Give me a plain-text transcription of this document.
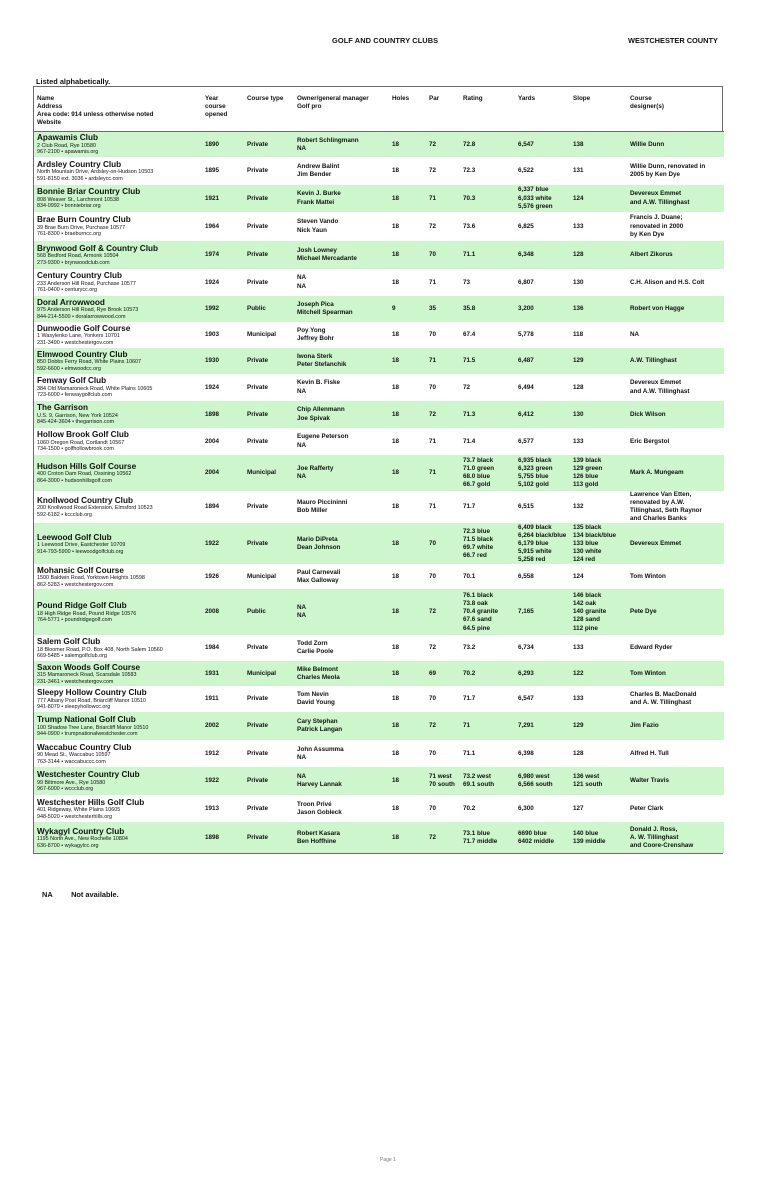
GOLF AND COUNTRY CLUBS	WESTCHESTER COUNTY
Listed alphabetically.
Name
Address
Area code: 914 unless otherwise noted
Website	Year
course
opened	Course type	Owner/general manager
Golf pro	Holes	Par	Rating	Yards	Slope	Course
designer(s)

Apawamis Club
2 Club Road, Rye 10580
967-2100 • apawamis.org	1890	Private	Robert Schlingmann
NA	18	72	72.8	6,547	138	Willie Dunn

Ardsley Country Club
North Mountain Drive, Ardsley-on-Hudson 10503
591-8150 ext. 3036 • ardsleycc.com	1895	Private	Andrew Balint
Jim Bender	18	72	72.3	6,522	131	Willie Dunn, renovated in
2005 by Ken Dye

Bonnie Briar Country Club
808 Weaver St., Larchmont 10538
834-0992 • bonniebriar.org	1921	Private	Kevin J. Burke
Frank Mattei	18	71	70.3	6,337 blue
6,033 white
5,576 green	124	Devereux Emmet
and A.W. Tillinghast

Brae Burn Country Club
39 Brae Burn Drive, Purchase 10577
761-8300 • braeburncc.org	1964	Private	Steven Vando
Nick Yaun	18	72	73.6	6,825	133	Francis J. Duane;
renovated in 2000
by Ken Dye

Brynwood Golf & Country Club
568 Bedford Road, Armonk 10504
273-9300 • brynwoodclub.com	1974	Private	Josh Lowney
Michael Mercadante	18	70	71.1	6,348	128	Albert Zikorus

Century Country Club
233 Anderson Hill Road, Purchase 10577
761-0400 • centurycc.org	1924	Private	NA
NA	18	71	73	6,807	130	C.H. Alison and H.S. Colt

Doral Arrowwood
975 Anderson Hill Road, Rye Brook 10573
844-214-5500 • doralarrowwood.com	1992	Public	Joseph Pica
Mitchell Spearman	9	35	35.8	3,200	136	Robert von Hagge

Dunwoodie Golf Course
1 Wasylenko Lane, Yonkers 10701
231-3490 • westchestergov.com	1903	Municipal	Poy Yong
Jeffrey Bohr	18	70	67.4	5,778	118	NA

Elmwood Country Club
850 Dobbs Ferry Road, White Plains 10607
592-6600 • elmwoodcc.org	1930	Private	Iwona Sterk
Peter Stefanchik	18	71	71.5	6,487	129	A.W. Tillinghast

Fenway Golf Club
384 Old Mamaroneck Road, White Plains 10605
723-6000 • fenwaygolfclub.com	1924	Private	Kevin B. Fiske
NA	18	70	72	6,494	128	Devereux Emmet
and A.W. Tillinghast

The Garrison
U.S. 9, Garrison, New York 10524
845-424-3604 • thegarrison.com	1898	Private	Chip Allenmann
Joe Spivak	18	72	71.3	6,412	130	Dick Wilson

Hollow Brook Golf Club
1060 Oregon Road, Cortlandt 10567
734-1500 • golfhollowbrook.com	2004	Private	Eugene Peterson
NA	18	71	71.4	6,577	133	Eric Bergstol

Hudson Hills Golf Course
400 Croton Dam Road, Ossining 10562
864-3000 • hudsonhillsgolf.com	2004	Municipal	Joe Rafferty
NA	18	71	73.7 black
71.0 green
68.0 blue
66.7 gold	6,935 black
6,323 green
5,755 blue
5,102 gold	139 black
129 green
126 blue
113 gold	Mark A. Mungeam

Knollwood Country Club
200 Knollwood Road Extension, Elmsford 10523
592-6182 • kccclub.org	1894	Private	Mauro Piccininni
Bob Miller	18	71	71.7	6,515	132	Lawrence Van Etten,
renovated by A.W.
Tillinghast, Seth Raynor
and Charles Banks

Leewood Golf Club
1 Leewood Drive, Eastchester 10709
914-793-5900 • leewoodgolfclub.org	1922	Private	Mario DiPreta
Dean Johnson	18	70	72.3 blue
71.5 black
69.7 white
66.7 red	6,409 black
6,264 black/blue
6,179 blue
5,915 white
5,258 red	135 black
134 black/blue
133 blue
130 white
124 red	Devereux Emmet

Mohansic Golf Course
1500 Baldwin Road, Yorktown Heights 10598
862-5283 • westchestergov.com	1926	Municipal	Paul Carnevali
Max Galloway	18	70	70.1	6,558	124	Tom Winton

Pound Ridge Golf Club
18 High Ridge Road, Pound Ridge 10576
764-5771 • poundridgegolf.com	2008	Public	NA
NA	18	72	76.1 black
73.8 oak
70.4 granite
67.6 sand
64.5 pine	7,165	146 black
142 oak
140 granite
128 sand
112 pine	Pete Dye

Salem Golf Club
18 Bloomer Road, P.O. Box 408, North Salem 10560
669-5485 • salemgolfclub.org	1984	Private	Todd Zorn
Carlie Poole	18	72	73.2	6,734	133	Edward Ryder

Saxon Woods Golf Course
315 Mamaroneck Road, Scarsdale 10583
231-3461 • westchestergov.com	1931	Municipal	Mike Belmont
Charles Meola	18	69	70.2	6,293	122	Tom Winton

Sleepy Hollow Country Club
777 Albany Post Road, Briarcliff Manor 10510
941-8070 • sleepyhollowcc.org	1911	Private	Tom Nevin
David Young	18	70	71.7	6,547	133	Charles B. MacDonald
and A. W. Tillinghast

Trump National Golf Club
100 Shadow Tree Lane, Briarcliff Manor 10510
944-0900 • trumpnationalwestchester.com	2002	Private	Cary Stephan
Patrick Langan	18	72	71	7,291	129	Jim Fazio

Waccabuc Country Club
90 Mead St., Waccabuc 10597
763-3144 • waccabuccc.com	1912	Private	John Assumma
NA	18	70	71.1	6,398	128	Alfred H. Tull

Westchester Country Club
99 Biltmore Ave., Rye 10580
967-6000 • wccclub.org	1922	Private	NA
Harvey Lannak	18	71 west
70 south	73.2 west
69.1 south	6,980 west
6,566 south	136 west
121 south	Walter Travis

Westchester Hills Golf Club
401 Ridgeway, White Plains 10605
948-5020 • westchesterhills.org	1913	Private	Troon Privé
Jason Gobleck	18	70	70.2	6,300	127	Peter Clark

Wykagyl Country Club
1195 North Ave., New Rochelle 10804
636-8700 • wykagylcc.org	1898	Private	Robert Kasara
Ben Hoffhine	18	72	73.1 blue
71.7 middle	6690 blue
6402 middle	140 blue
139 middle	Donald J. Ross,
A. W. Tillinghast
and Coore-Crenshaw
NA Not available.
Page 1
